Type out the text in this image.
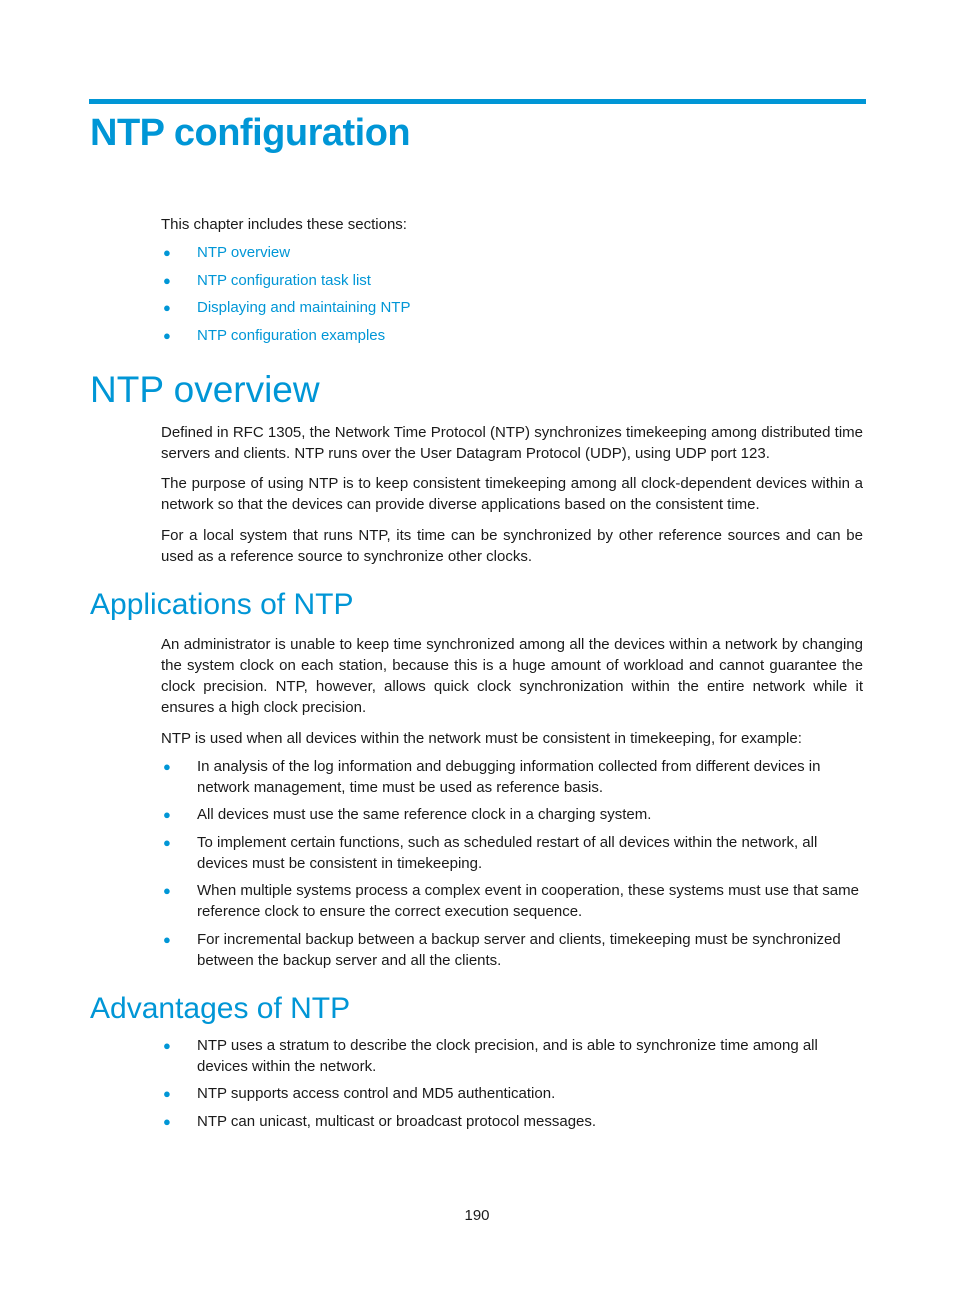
NTP configuration

This chapter includes these sections:

● NTP overview
● NTP configuration task list
● Displaying and maintaining NTP
● NTP configuration examples
NTP overview

Defined in RFC 1305, the Network Time Protocol (NTP) synchronizes timekeeping among distributed time servers and clients. NTP runs over the User Datagram Protocol (UDP), using UDP port 123.

The purpose of using NTP is to keep consistent timekeeping among all clock-dependent devices within a network so that the devices can provide diverse applications based on the consistent time.

For a local system that runs NTP, its time can be synchronized by other reference sources and can be used as a reference source to synchronize other clocks.

Applications of NTP

An administrator is unable to keep time synchronized among all the devices within a network by changing the system clock on each station, because this is a huge amount of workload and cannot guarantee the clock precision. NTP, however, allows quick clock synchronization within the entire network while it ensures a high clock precision.

NTP is used when all devices within the network must be consistent in timekeeping, for example:

● In analysis of the log information and debugging information collected from different devices in network management, time must be used as reference basis.
● All devices must use the same reference clock in a charging system.
● To implement certain functions, such as scheduled restart of all devices within the network, all devices must be consistent in timekeeping.
● When multiple systems process a complex event in cooperation, these systems must use that same reference clock to ensure the correct execution sequence.
● For incremental backup between a backup server and clients, timekeeping must be synchronized between the backup server and all the clients.
Advantages of NTP
● NTP uses a stratum to describe the clock precision, and is able to synchronize time among all devices within the network.
● NTP supports access control and MD5 authentication.
● NTP can unicast, multicast or broadcast protocol messages.
190
